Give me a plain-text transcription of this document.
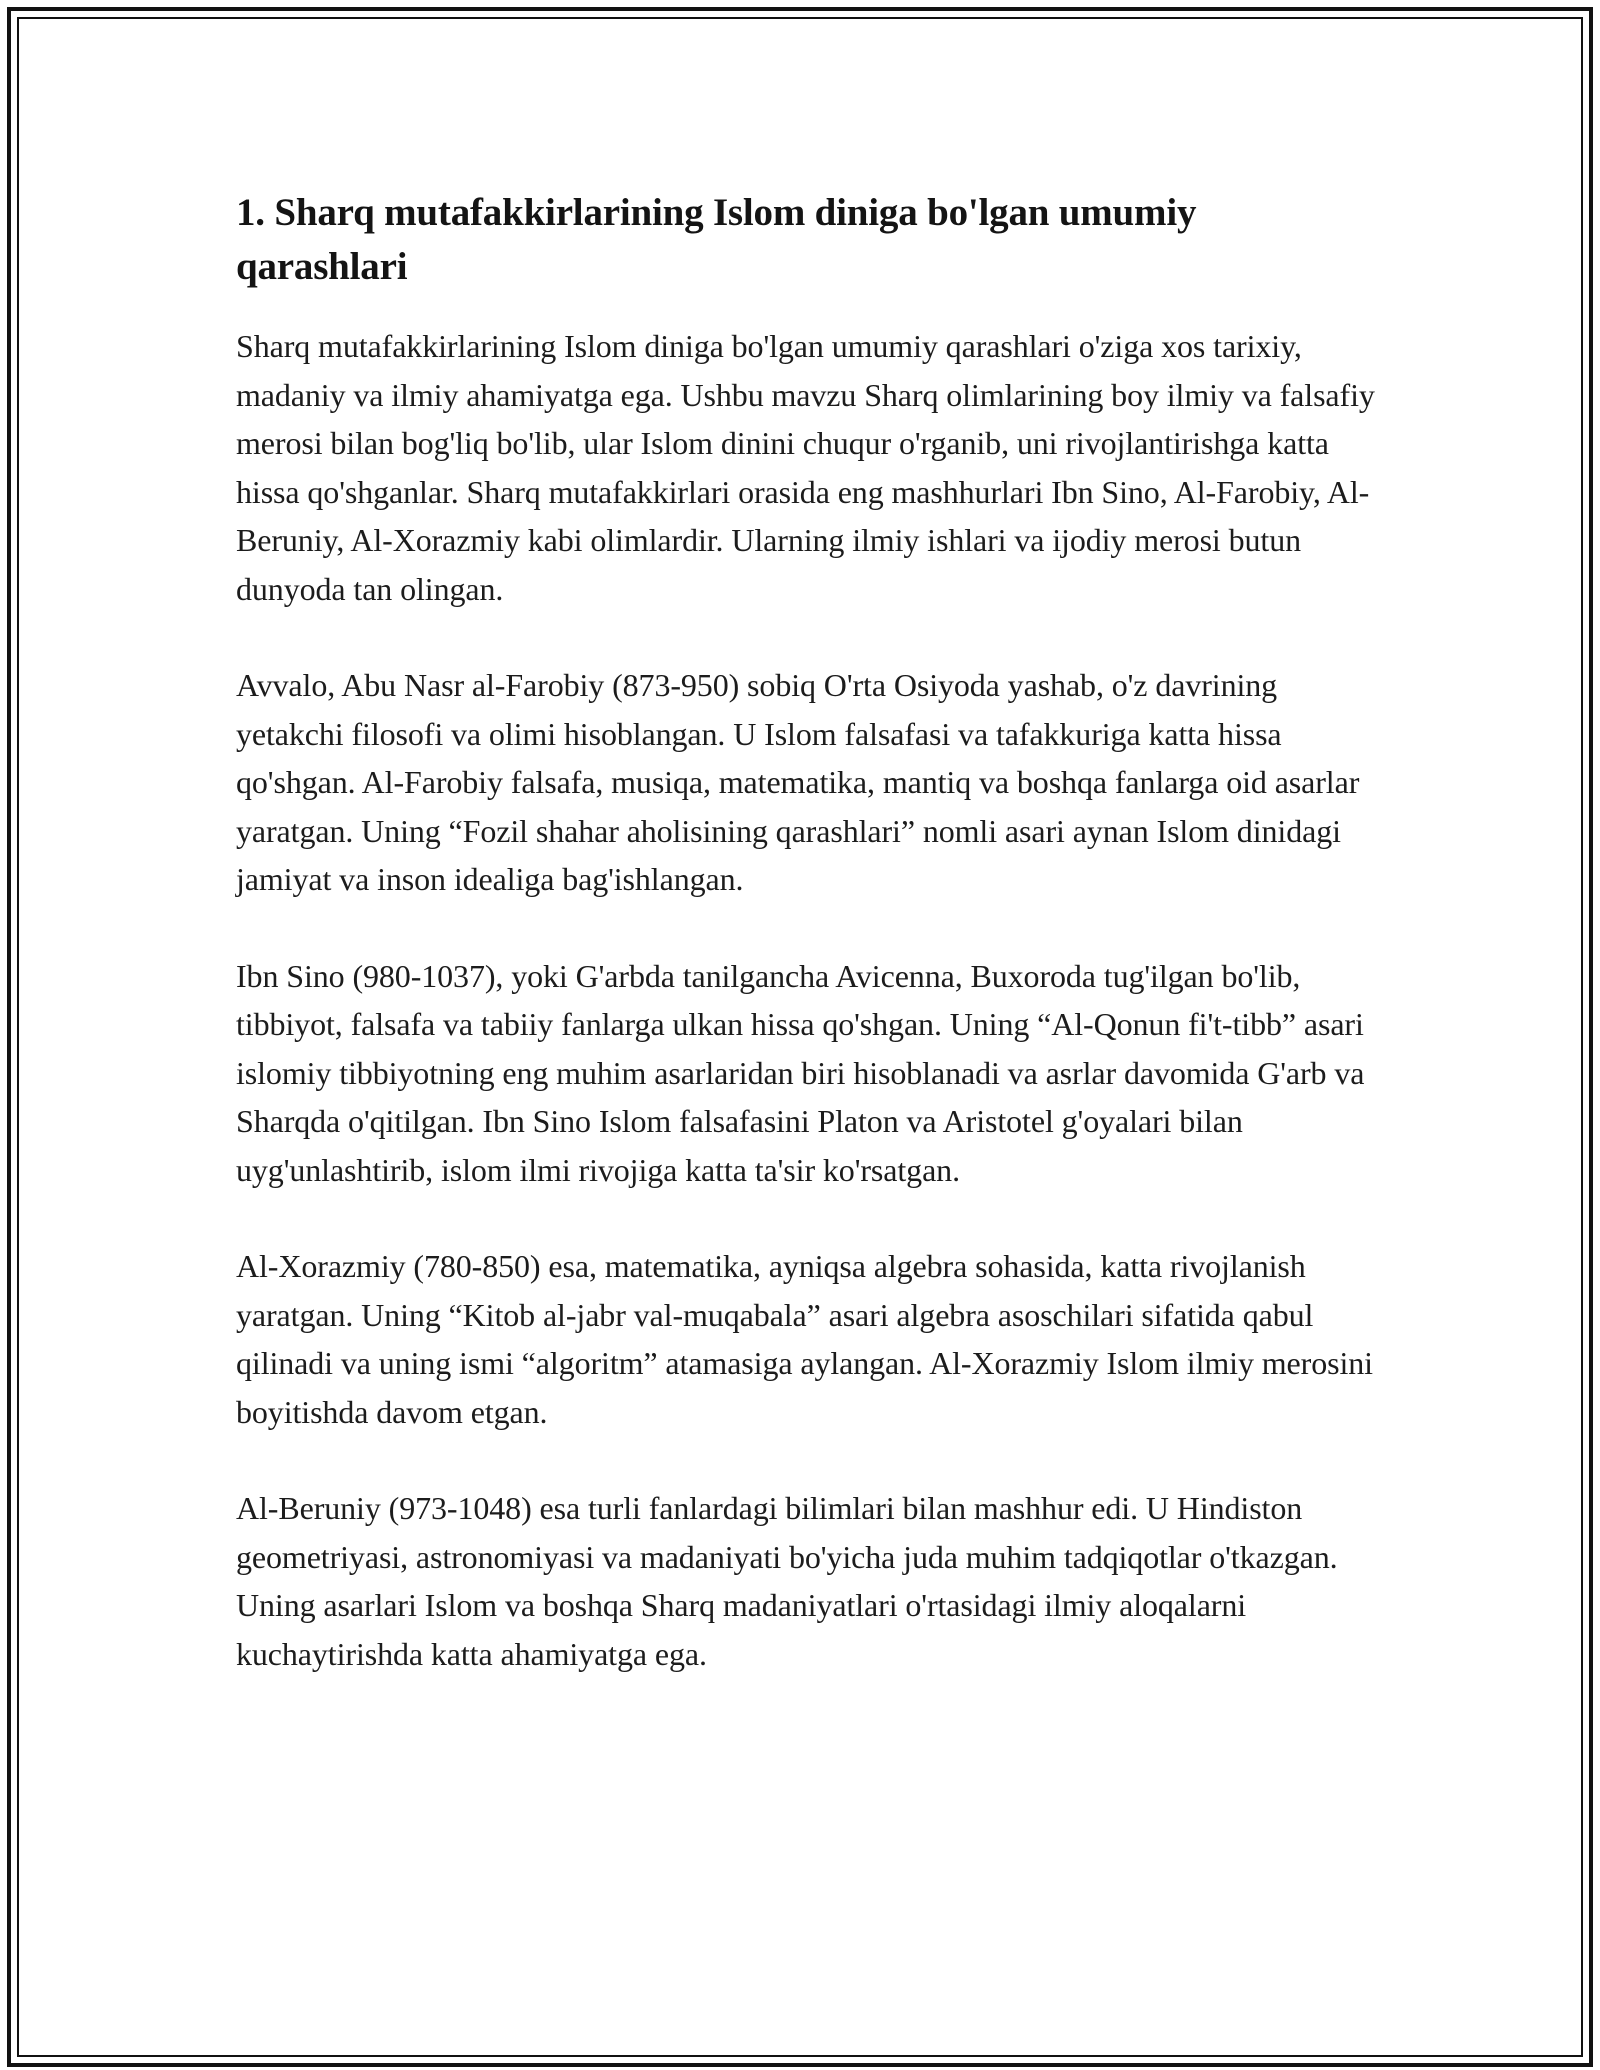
1. Sharq mutafakkirlarining Islom diniga bo'lgan umumiy qarashlari

Sharq mutafakkirlarining Islom diniga bo'lgan umumiy qarashlari o'ziga xos tarixiy, madaniy va ilmiy ahamiyatga ega. Ushbu mavzu Sharq olimlarining boy ilmiy va falsafiy merosi bilan bog'liq bo'lib, ular Islom dinini chuqur o'rganib, uni rivojlantirishga katta hissa qo'shganlar. Sharq mutafakkirlari orasida eng mashhurlari Ibn Sino, Al-Farobiy, Al-Beruniy, Al-Xorazmiy kabi olimlardir. Ularning ilmiy ishlari va ijodiy merosi butun dunyoda tan olingan.

Avvalo, Abu Nasr al-Farobiy (873-950) sobiq O'rta Osiyoda yashab, o'z davrining yetakchi filosofi va olimi hisoblangan. U Islom falsafasi va tafakkuriga katta hissa qo'shgan. Al-Farobiy falsafa, musiqa, matematika, mantiq va boshqa fanlarga oid asarlar yaratgan. Uning “Fozil shahar aholisining qarashlari” nomli asari aynan Islom dinidagi jamiyat va inson idealiga bag'ishlangan.

Ibn Sino (980-1037), yoki G'arbda tanilgancha Avicenna, Buxoroda tug'ilgan bo'lib, tibbiyot, falsafa va tabiiy fanlarga ulkan hissa qo'shgan. Uning “Al-Qonun fi't-tibb” asari islomiy tibbiyotning eng muhim asarlaridan biri hisoblanadi va asrlar davomida G'arb va Sharqda o'qitilgan. Ibn Sino Islom falsafasini Platon va Aristotel g'oyalari bilan uyg'unlashtirib, islom ilmi rivojiga katta ta'sir ko'rsatgan.

Al-Xorazmiy (780-850) esa, matematika, ayniqsa algebra sohasida, katta rivojlanish yaratgan. Uning “Kitob al-jabr val-muqabala” asari algebra asoschilari sifatida qabul qilinadi va uning ismi “algoritm” atamasiga aylangan. Al-Xorazmiy Islom ilmiy merosini boyitishda davom etgan.

Al-Beruniy (973-1048) esa turli fanlardagi bilimlari bilan mashhur edi. U Hindiston geometriyasi, astronomiyasi va madaniyati bo'yicha juda muhim tadqiqotlar o'tkazgan. Uning asarlari Islom va boshqa Sharq madaniyatlari o'rtasidagi ilmiy aloqalarni kuchaytirishda katta ahamiyatga ega.
